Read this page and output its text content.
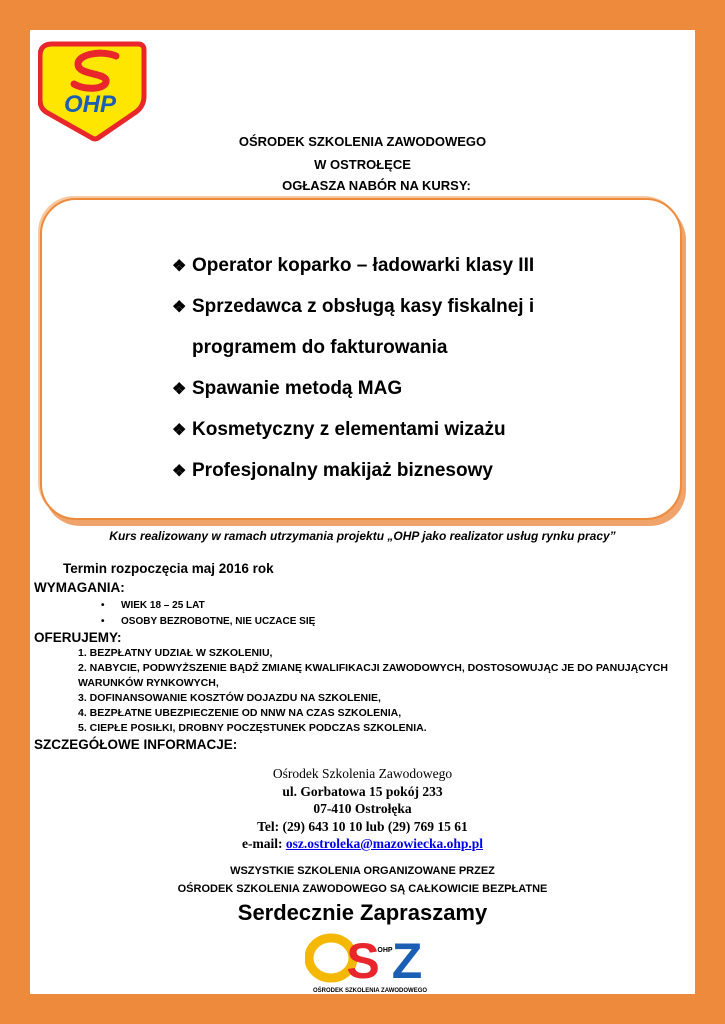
OHP
OŚRODEK SZKOLENIA ZAWODOWEGO
W OSTROŁĘCE
OGŁASZA NABÓR NA KURSY:
❖ Operator koparko – ładowarki klasy III
❖ Sprzedawca z obsługą kasy fiskalnej i
programem do fakturowania
❖ Spawanie metodą MAG
❖ Kosmetyczny z elementami wizażu
❖ Profesjonalny makijaż biznesowy
Kurs realizowany w ramach utrzymania projektu „OHP jako realizator usług rynku pracy”
Termin rozpoczęcia maj 2016 rok
WYMAGANIA:
•	WIEK 18 – 25 LAT
•	OSOBY BEZROBOTNE, NIE UCZACE SIĘ
OFERUJEMY:
1. BEZPŁATNY UDZIAŁ W SZKOLENIU,
2. NABYCIE, PODWYŻSZENIE BĄDŹ ZMIANĘ KWALIFIKACJI ZAWODOWYCH, DOSTOSOWUJĄC JE DO PANUJĄCYCH WARUNKÓW RYNKOWYCH,
3. DOFINANSOWANIE KOSZTÓW DOJAZDU NA SZKOLENIE,
4. BEZPŁATNE UBEZPIECZENIE OD NNW NA CZAS SZKOLENIA,
5. CIEPŁE POSIŁKI, DROBNY POCZĘSTUNEK PODCZAS SZKOLENIA.
SZCZEGÓŁOWE INFORMACJE:
Ośrodek Szkolenia Zawodowego
ul. Gorbatowa 15 pokój 233
07-410 Ostrołęka
Tel: (29) 643 10 10 lub (29) 769 15 61
e-mail: osz.ostroleka@mazowiecka.ohp.pl
WSZYSTKIE SZKOLENIA ORGANIZOWANE PRZEZ
OŚRODEK SZKOLENIA ZAWODOWEGO SĄ CAŁKOWICIE BEZPŁATNE
Serdecznie Zapraszamy
S Z
OHP
OŚRODEK SZKOLENIA ZAWODOWEGO
